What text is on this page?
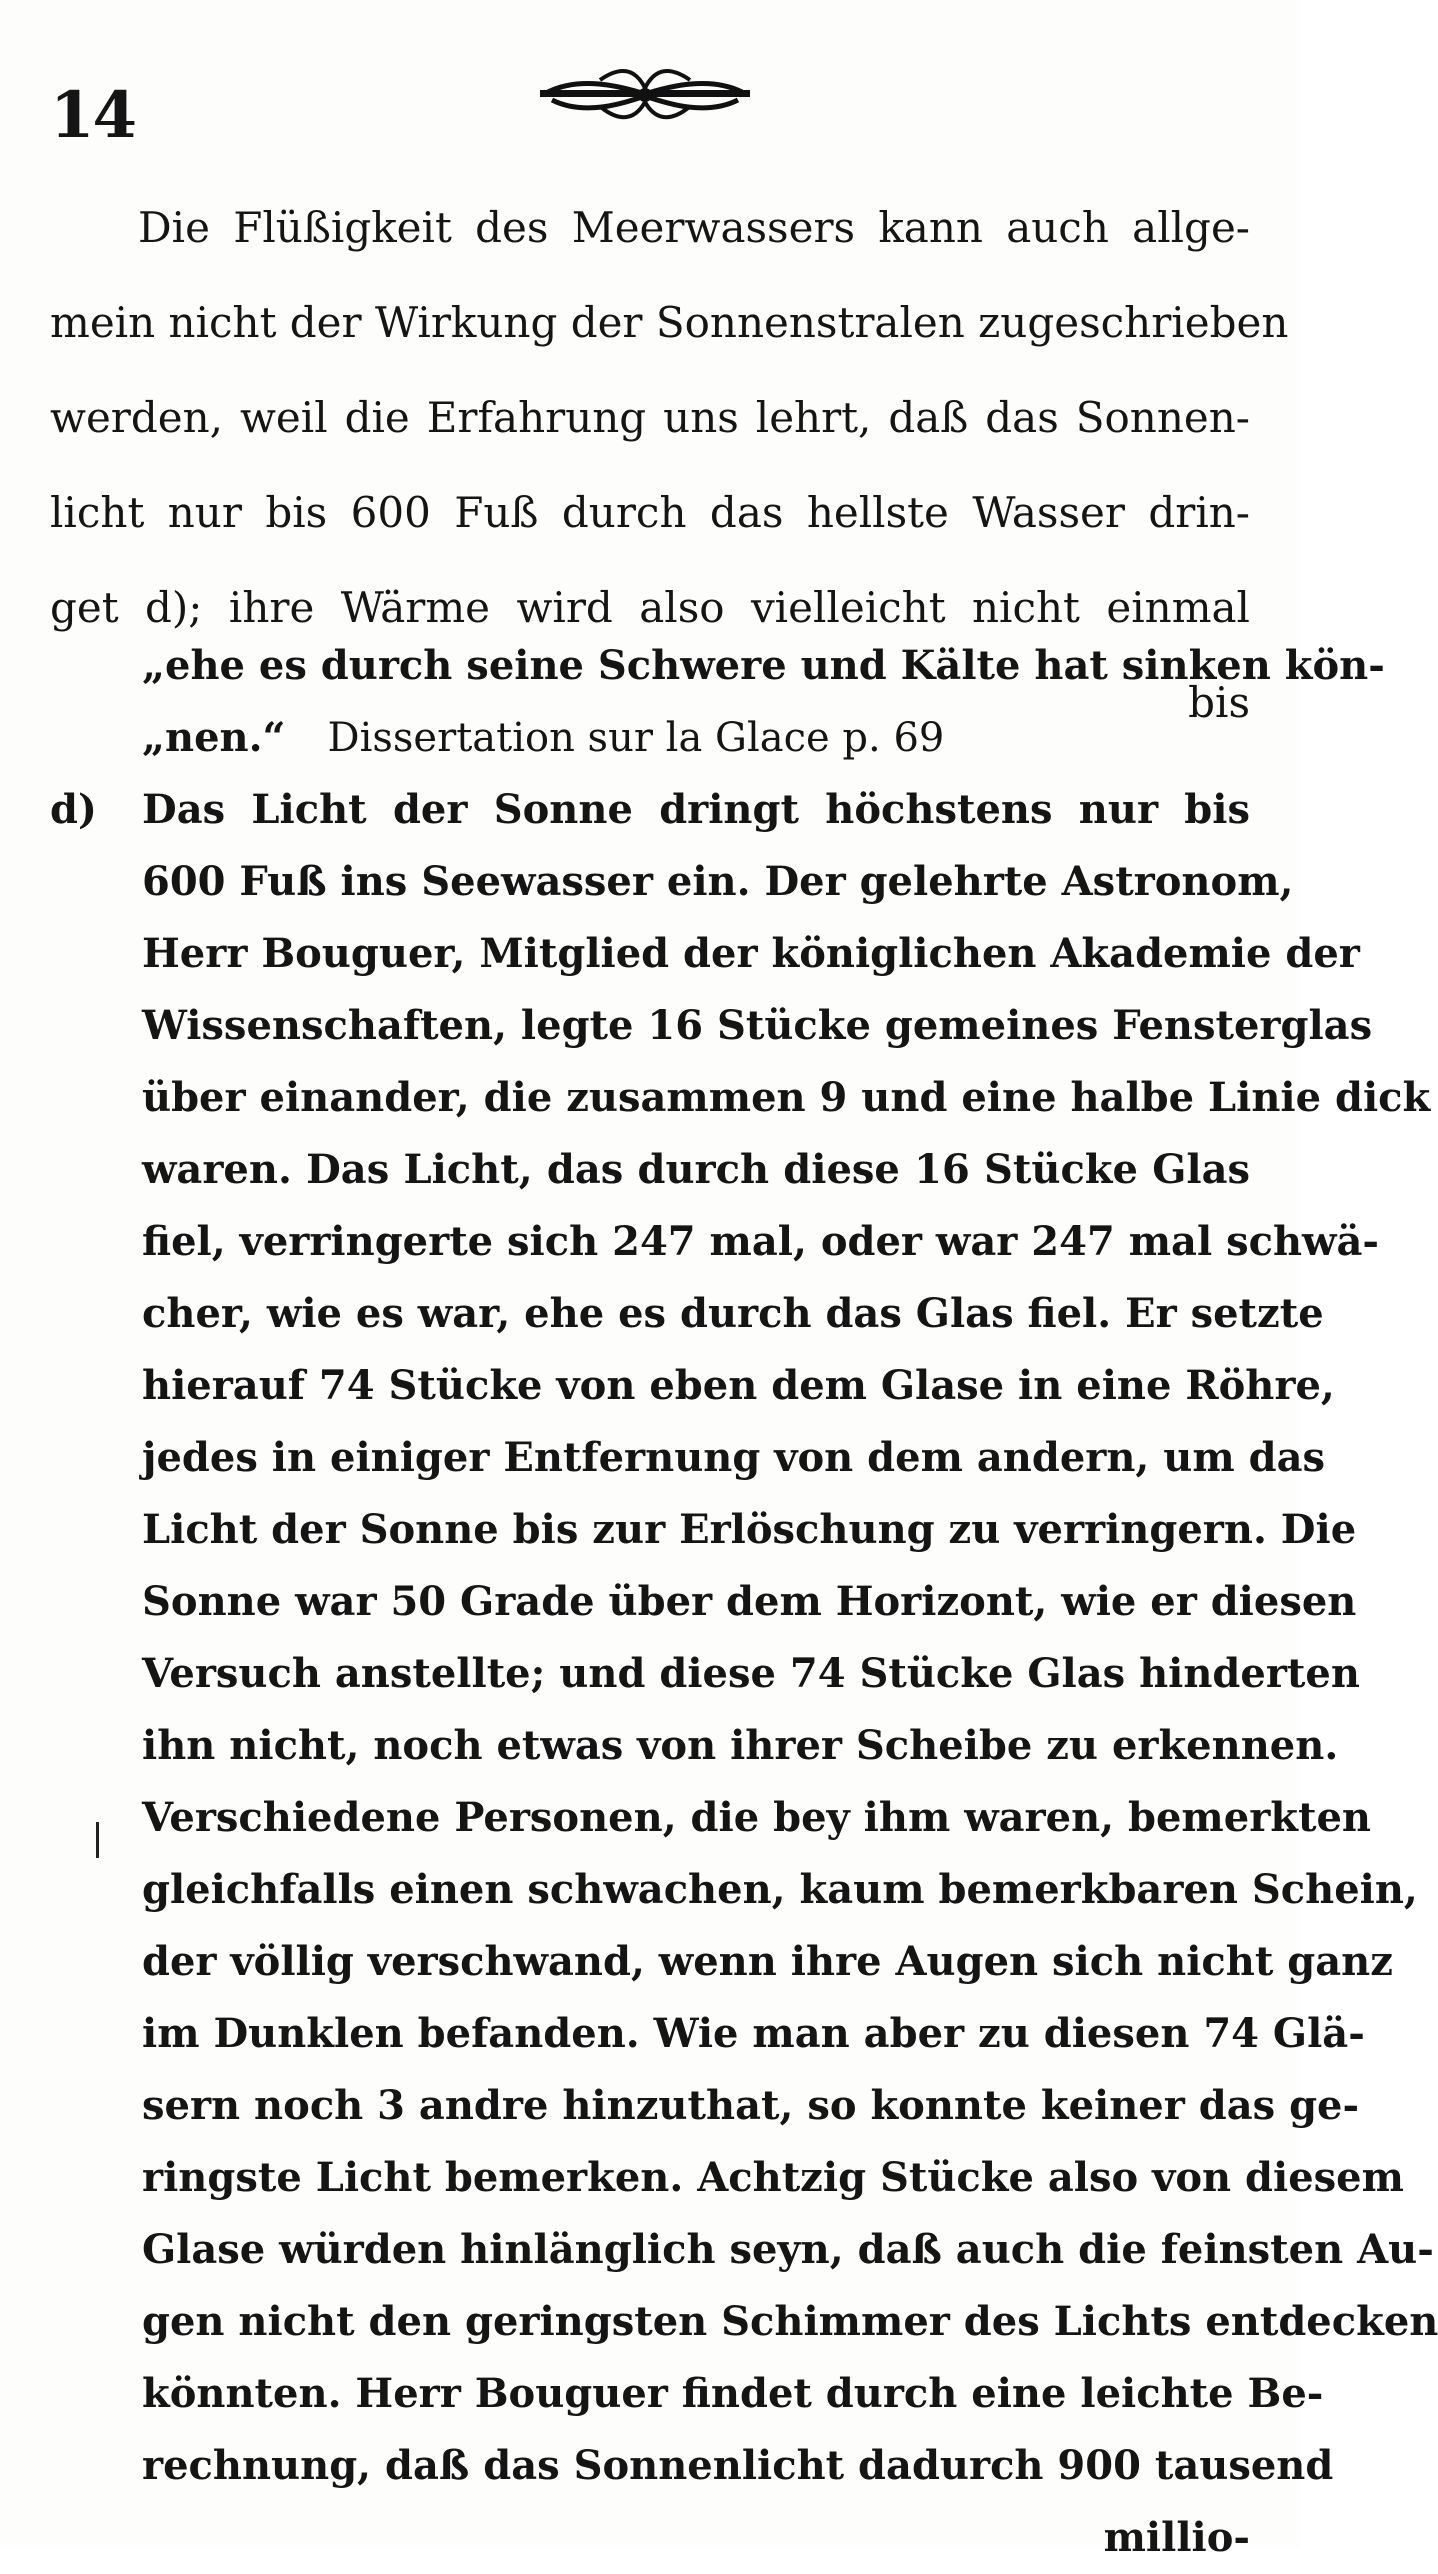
14
Die Flüßigkeit des Meerwassers kann auch allge-
mein nicht der Wirkung der Sonnenstralen zugeschrieben
werden, weil die Erfahrung uns lehrt, daß das Sonnen-
licht nur bis 600 Fuß durch das hellste Wasser drin-
get d); ihre Wärme wird also vielleicht nicht einmal
bis
„ehe es durch seine Schwere und Kälte hat sinken kön-
„nen.“ Dissertation sur la Glace p. 69
d) Das Licht der Sonne dringt höchstens nur bis
600 Fuß ins Seewasser ein. Der gelehrte Astronom,
Herr Bouguer, Mitglied der königlichen Akademie der
Wissenschaften, legte 16 Stücke gemeines Fensterglas
über einander, die zusammen 9 und eine halbe Linie dick
waren. Das Licht, das durch diese 16 Stücke Glas
fiel, verringerte sich 247 mal, oder war 247 mal schwä-
cher, wie es war, ehe es durch das Glas fiel. Er setzte
hierauf 74 Stücke von eben dem Glase in eine Röhre,
jedes in einiger Entfernung von dem andern, um das
Licht der Sonne bis zur Erlöschung zu verringern. Die
Sonne war 50 Grade über dem Horizont, wie er diesen
Versuch anstellte; und diese 74 Stücke Glas hinderten
ihn nicht, noch etwas von ihrer Scheibe zu erkennen.
Verschiedene Personen, die bey ihm waren, bemerkten
gleichfalls einen schwachen, kaum bemerkbaren Schein,
der völlig verschwand, wenn ihre Augen sich nicht ganz
im Dunklen befanden. Wie man aber zu diesen 74 Glä-
sern noch 3 andre hinzuthat, so konnte keiner das ge-
ringste Licht bemerken. Achtzig Stücke also von diesem
Glase würden hinlänglich seyn, daß auch die feinsten Au-
gen nicht den geringsten Schimmer des Lichts entdecken
könnten. Herr Bouguer findet durch eine leichte Be-
rechnung, daß das Sonnenlicht dadurch 900 tausend
millio-
